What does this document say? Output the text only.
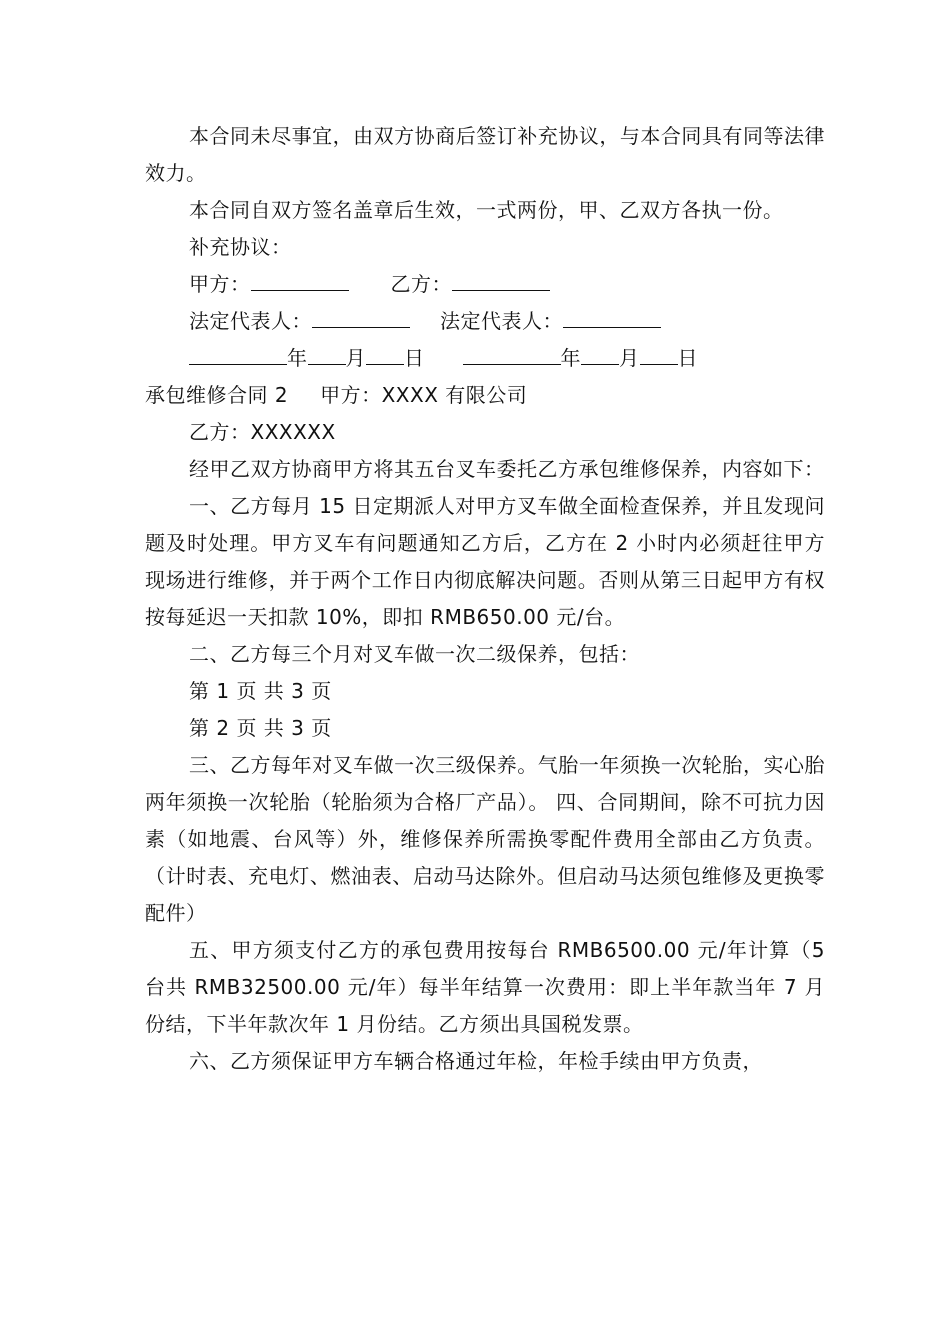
本合同未尽事宜，由双方协商后签订补充协议，与本合同具有同等法律效力。

本合同自双方签名盖章后生效，一式两份，甲、乙双方各执一份。

补充协议：

甲方：	乙方：
法定代表人：	法定代表人：
年 月 日	年 月 日
承包维修合同 2 甲方：XXXX 有限公司

乙方：XXXXXX

经甲乙双方协商甲方将其五台叉车委托乙方承包维修保养，内容如下：

一、乙方每月 15 日定期派人对甲方叉车做全面检查保养，并且发现问题及时处理。甲方叉车有问题通知乙方后，乙方在 2 小时内必须赶往甲方现场进行维修，并于两个工作日内彻底解决问题。否则从第三日起甲方有权按每延迟一天扣款 10%，即扣 RMB650.00 元/台。

二、乙方每三个月对叉车做一次二级保养，包括：

第 1 页 共 3 页

第 2 页 共 3 页

三、乙方每年对叉车做一次三级保养。气胎一年须换一次轮胎，实心胎两年须换一次轮胎（轮胎须为合格厂产品）。 四、合同期间，除不可抗力因素（如地震、台风等）外，维修保养所需换零配件费用全部由乙方负责。（计时表、充电灯、燃油表、启动马达除外。但启动马达须包维修及更换零配件）

五、甲方须支付乙方的承包费用按每台 RMB6500.00 元/年计算（5 台共 RMB32500.00 元/年）每半年结算一次费用：即上半年款当年 7 月份结，下半年款次年 1 月份结。乙方须出具国税发票。

六、乙方须保证甲方车辆合格通过年检，年检手续由甲方负责，
